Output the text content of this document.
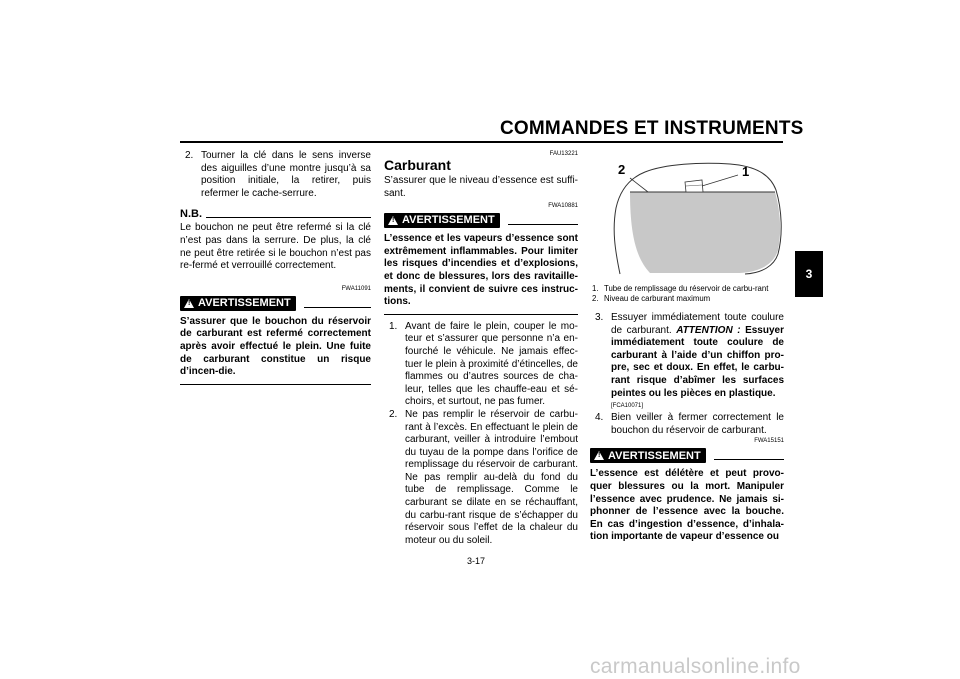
COMMANDES ET INSTRUMENTS
3

2. Tourner la clé dans le sens inverse des aiguilles d’une montre jusqu’à sa position initiale, la retirer, puis refermer le cache-serrure.

N.B.

Le bouchon ne peut être refermé si la clé n’est pas dans la serrure. De plus, la clé ne peut être retirée si le bouchon n’est pas re-fermé et verrouillé correctement.

FWA11091

! AVERTISSEMENT

S’assurer que le bouchon du réservoir de carburant est refermé correctement après avoir effectué le plein. Une fuite de carburant constitue un risque d’incen-die.

FAU13221

Carburant

S’assurer que le niveau d’essence est suffi-sant.

FWA10881

! AVERTISSEMENT

L’essence et les vapeurs d’essence sont extrêmement inflammables. Pour limiter les risques d’incendies et d’explosions, et donc de blessures, lors des ravitaille-ments, il convient de suivre ces instruc-tions.

1. Avant de faire le plein, couper le mo-teur et s’assurer que personne n’a en-fourché le véhicule. Ne jamais effec-tuer le plein à proximité d’étincelles, de flammes ou d’autres sources de cha-leur, telles que les chauffe-eau et sé-choirs, et surtout, ne pas fumer.

2. Ne pas remplir le réservoir de carbu-rant à l’excès. En effectuant le plein de carburant, veiller à introduire l’embout du tuyau de la pompe dans l’orifice de remplissage du réservoir de carburant. Ne pas remplir au-delà du fond du tube de remplissage. Comme le carburant se dilate en se réchauffant, du carbu-rant risque de s’échapper du réservoir sous l’effet de la chaleur du moteur ou du soleil.

2	1
1. Tube de remplissage du réservoir de carbu-rant
2. Niveau de carburant maximum

3. Essuyer immédiatement toute coulure de carburant. ATTENTION : Essuyer immédiatement toute coulure de carburant à l’aide d’un chiffon pro-pre, sec et doux. En effet, le carbu-rant risque d’abîmer les surfaces peintes ou les pièces en plastique.

[FCA10071]

4. Bien veiller à fermer correctement le bouchon du réservoir de carburant.

FWA15151

! AVERTISSEMENT

L’essence est délétère et peut provo-quer blessures ou la mort. Manipuler l’essence avec prudence. Ne jamais si-phonner de l’essence avec la bouche. En cas d’ingestion d’essence, d’inhala-tion importante de vapeur d’essence ou

3-17
carmanualsonline.info
